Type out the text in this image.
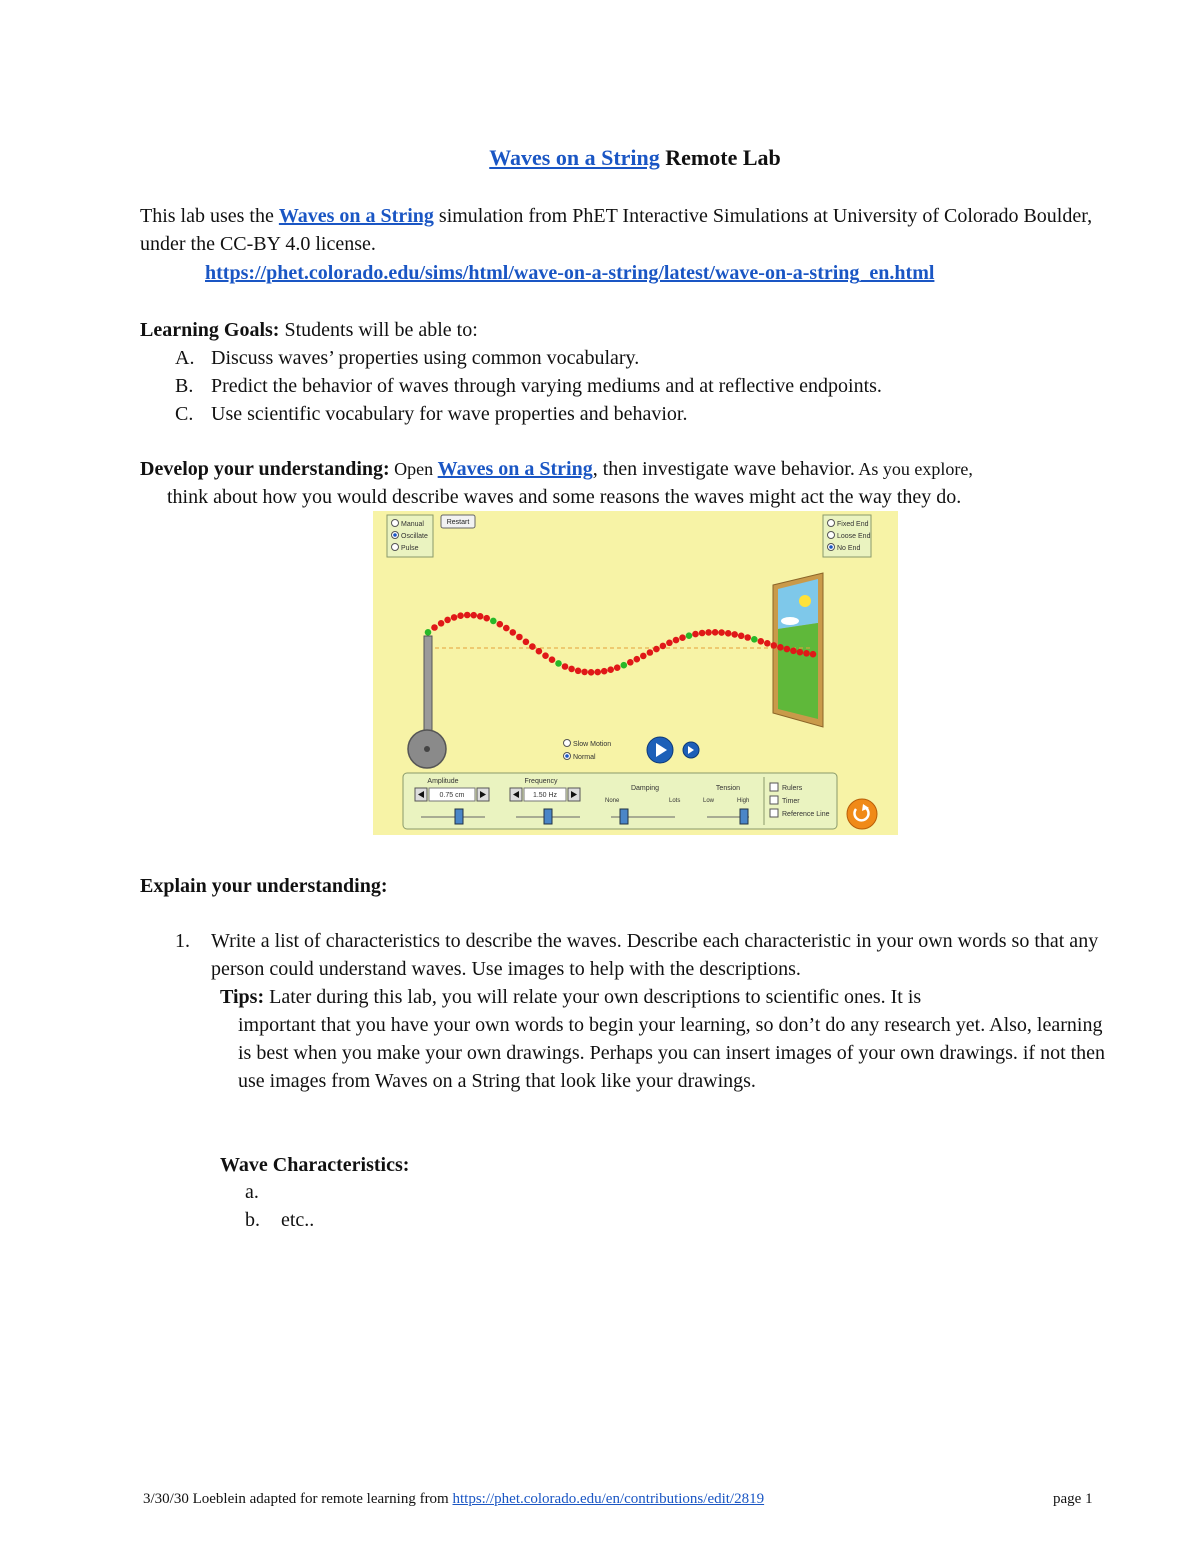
Waves on a String Remote Lab
This lab uses the Waves on a String simulation from PhET Interactive Simulations at University of Colorado Boulder, under the CC-BY 4.0 license.
https://phet.colorado.edu/sims/html/wave-on-a-string/latest/wave-on-a-string_en.html
Learning Goals: Students will be able to:
A. Discuss waves’ properties using common vocabulary.
B. Predict the behavior of waves through varying mediums and at reflective endpoints.
C. Use scientific vocabulary for wave properties and behavior.
Develop your understanding: Open Waves on a String, then investigate wave behavior. As you explore,
think about how you would describe waves and some reasons the waves might act the way they do.
Manual
Oscillate
Pulse
Restart	Fixed End
Loose End
No End
Slow Motion
Normal
Amplitude
0.75 cm
Frequency
1.50 Hz
Damping
None	Lots
Tension
Low	High
Rulers
Timer
Reference Line
Explain your understanding:
1. Write a list of characteristics to describe the waves. Describe each characteristic in your own words so that any person could understand waves. Use images to help with the descriptions.
Tips: Later during this lab, you will relate your own descriptions to scientific ones. It is
important that you have your own words to begin your learning, so don’t do any research yet. Also, learning is best when you make your own drawings. Perhaps you can insert images of your own drawings. if not then use images from Waves on a String that look like your drawings.
Wave Characteristics:
a.
b. etc..
3/30/30 Loeblein adapted for remote learning from https://phet.colorado.edu/en/contributions/edit/2819	page 1
